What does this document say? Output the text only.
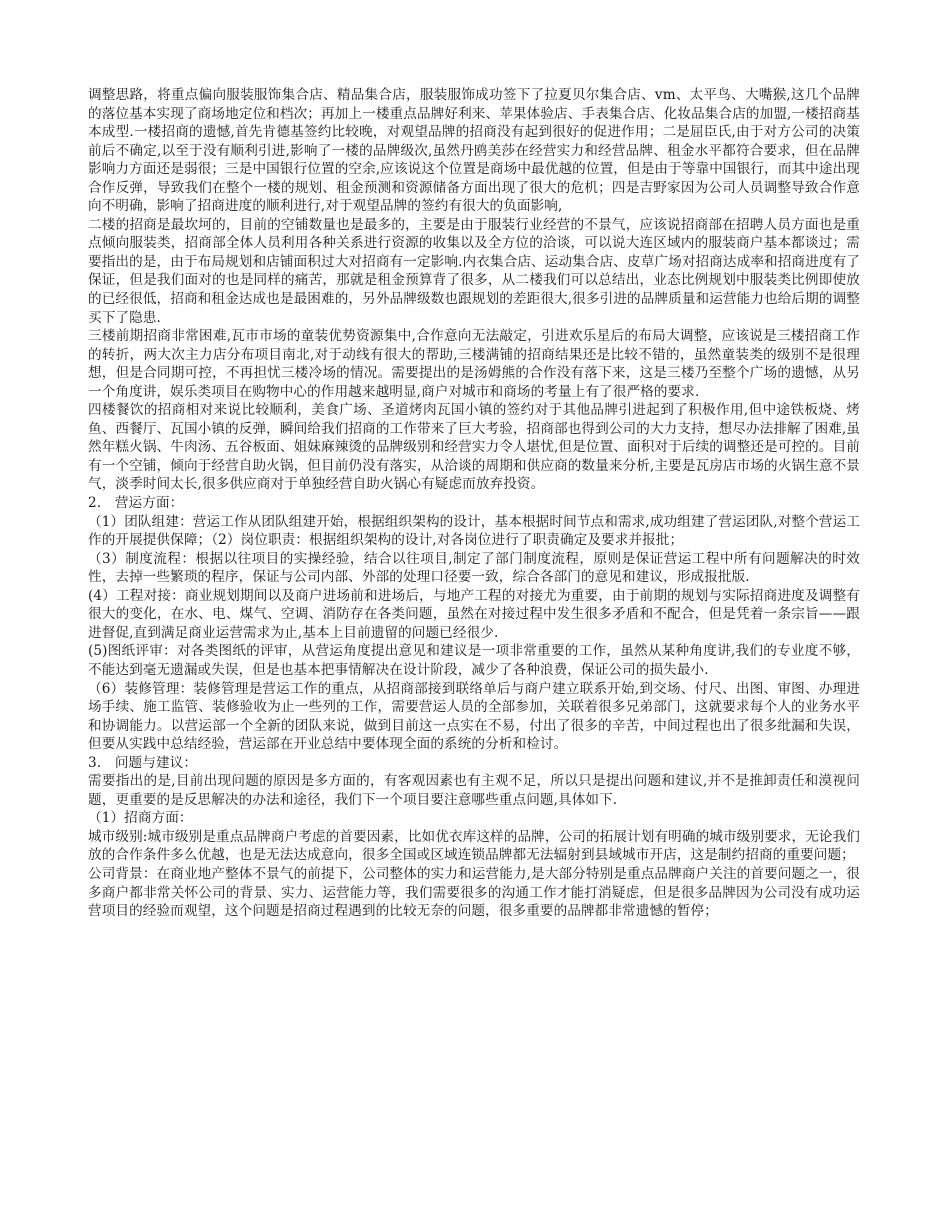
调整思路，将重点偏向服装服饰集合店、精品集合店，服装服饰成功签下了拉夏贝尔集合店、vm、太平鸟、大嘴猴,这几个品牌的落位基本实现了商场地定位和档次；再加上一楼重点品牌好利来、苹果体验店、手表集合店、化妆品集合店的加盟,一楼招商基本成型.一楼招商的遗憾,首先肯德基签约比较晚，对观望品牌的招商没有起到很好的促进作用；二是屈臣氏,由于对方公司的决策前后不确定,以至于没有顺利引进,影响了一楼的品牌级次,虽然丹鸥美莎在经营实力和经营品牌、租金水平都符合要求，但在品牌影响力方面还是弱很；三是中国银行位置的空余,应该说这个位置是商场中最优越的位置，但是由于等靠中国银行，而其中途出现合作反弹，导致我们在整个一楼的规划、租金预测和资源储备方面出现了很大的危机；四是吉野家因为公司人员调整导致合作意向不明确，影响了招商进度的顺利进行,对于观望品牌的签约有很大的负面影响,

二楼的招商是最坎坷的，目前的空铺数量也是最多的，主要是由于服装行业经营的不景气，应该说招商部在招聘人员方面也是重点倾向服装类，招商部全体人员利用各种关系进行资源的收集以及全方位的洽谈，可以说大连区域内的服装商户基本都谈过；需要指出的是，由于布局规划和店铺面积过大对招商有一定影响.内衣集合店、运动集合店、皮草广场对招商达成率和招商进度有了保证，但是我们面对的也是同样的痛苦，那就是租金预算背了很多，从二楼我们可以总结出，业态比例规划中服装类比例即使放的已经很低，招商和租金达成也是最困难的，另外品牌级数也跟规划的差距很大,很多引进的品牌质量和运营能力也给后期的调整买下了隐患.

三楼前期招商非常困难,瓦市市场的童装优势资源集中,合作意向无法敲定，引进欢乐星后的布局大调整，应该说是三楼招商工作的转折，两大次主力店分布项目南北,对于动线有很大的帮助,三楼满铺的招商结果还是比较不错的，虽然童装类的级别不是很理想，但是合同期可控，不再担忧三楼冷场的情况。需要提出的是汤姆熊的合作没有落下来，这是三楼乃至整个广场的遗憾，从另一个角度讲，娱乐类项目在购物中心的作用越来越明显,商户对城市和商场的考量上有了很严格的要求.

四楼餐饮的招商相对来说比较顺利，美食广场、圣道烤肉瓦国小镇的签约对于其他品牌引进起到了积极作用,但中途铁板烧、烤鱼、西餐厅、瓦国小镇的反弹，瞬间给我们招商的工作带来了巨大考验，招商部也得到公司的大力支持，想尽办法排解了困难,虽然年糕火锅、牛肉汤、五谷板面、姐妹麻辣烫的品牌级别和经营实力令人堪忧,但是位置、面积对于后续的调整还是可控的。目前有一个空铺，倾向于经营自助火锅，但目前仍没有落实，从洽谈的周期和供应商的数量来分析,主要是瓦房店市场的火锅生意不景气，淡季时间太长,很多供应商对于单独经营自助火锅心有疑虑而放弃投资。

2.　营运方面：

（1）团队组建：营运工作从团队组建开始，根据组织架构的设计，基本根据时间节点和需求,成功组建了营运团队,对整个营运工作的开展提供保障；（2）岗位职责：根据组织架构的设计,对各岗位进行了职责确定及要求并报批；

（3）制度流程：根据以往项目的实操经验，结合以往项目,制定了部门制度流程，原则是保证营运工程中所有问题解决的时效性，去掉一些繁琐的程序，保证与公司内部、外部的处理口径要一致，综合各部门的意见和建议，形成报批版.

(4）工程对接：商业规划期间以及商户进场前和进场后，与地产工程的对接尤为重要，由于前期的规划与实际招商进度及调整有很大的变化，在水、电、煤气、空调、消防存在各类问题，虽然在对接过程中发生很多矛盾和不配合，但是凭着一条宗旨——跟进督促,直到满足商业运营需求为止,基本上目前遗留的问题已经很少.

(5)图纸评审：对各类图纸的评审，从营运角度提出意见和建议是一项非常重要的工作，虽然从某种角度讲,我们的专业度不够，不能达到毫无遗漏或失误，但是也基本把事情解决在设计阶段，减少了各种浪费，保证公司的损失最小.

（6）装修管理：装修管理是营运工作的重点，从招商部接到联络单后与商户建立联系开始,到交场、付尺、出图、审图、办理进场手续、施工监管、装修验收为止一些列的工作，需要营运人员的全部参加，关联着很多兄弟部门，这就要求每个人的业务水平和协调能力。以营运部一个全新的团队来说，做到目前这一点实在不易，付出了很多的辛苦，中间过程也出了很多纰漏和失误，但要从实践中总结经验，营运部在开业总结中要体现全面的系统的分析和检讨。

3.　问题与建议：

需要指出的是,目前出现问题的原因是多方面的，有客观因素也有主观不足，所以只是提出问题和建议,并不是推卸责任和漠视问题，更重要的是反思解决的办法和途径，我们下一个项目要注意哪些重点问题,具体如下.

（1）招商方面：

城市级别:城市级别是重点品牌商户考虑的首要因素，比如优衣库这样的品牌，公司的拓展计划有明确的城市级别要求，无论我们放的合作条件多么优越，也是无法达成意向，很多全国或区域连锁品牌都无法辐射到县域城市开店，这是制约招商的重要问题；

公司背景：在商业地产整体不景气的前提下，公司整体的实力和运营能力,是大部分特别是重点品牌商户关注的首要问题之一，很多商户都非常关怀公司的背景、实力、运营能力等，我们需要很多的沟通工作才能打消疑虑，但是很多品牌因为公司没有成功运营项目的经验而观望，这个问题是招商过程遇到的比较无奈的问题，很多重要的品牌都非常遗憾的暂停；
